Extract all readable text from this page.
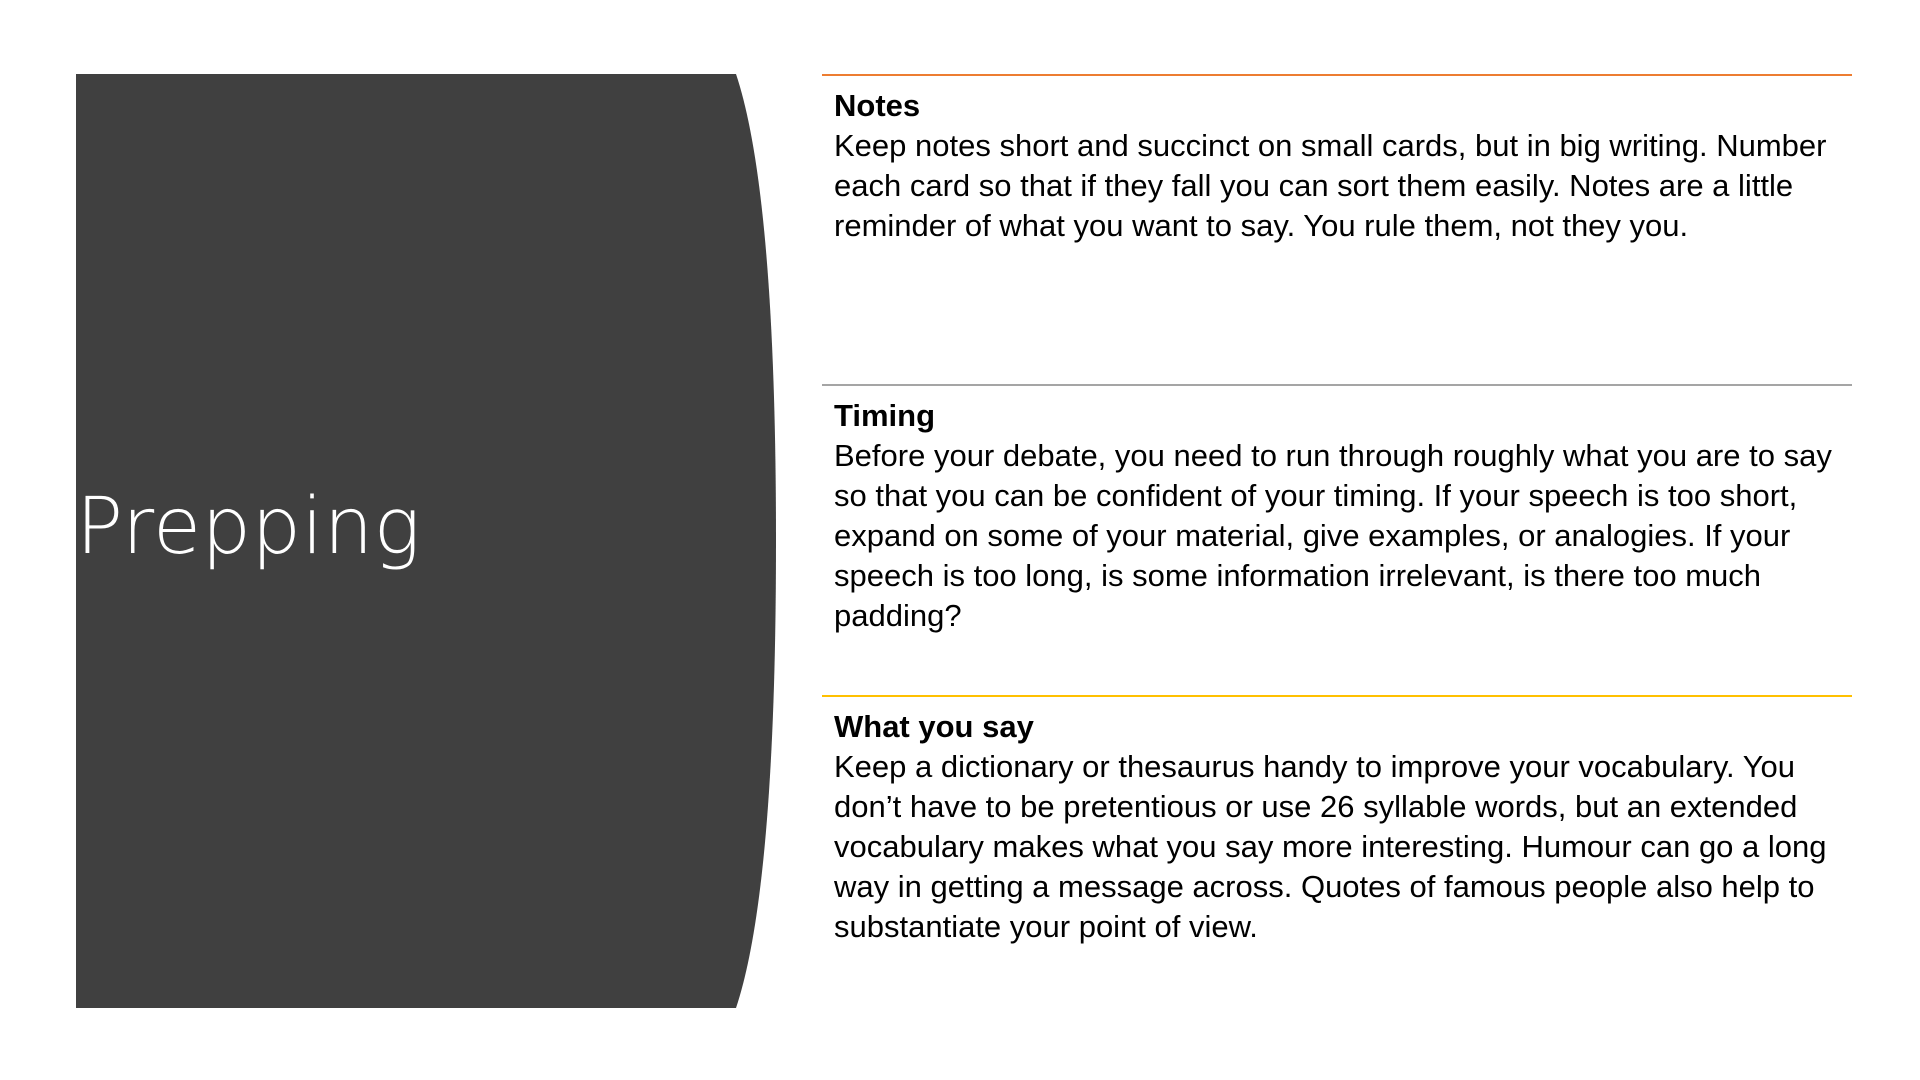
Prepping
Notes
Keep notes short and succinct on small cards, but in big writing. Number each card so that if they fall you can sort them easily. Notes are a little reminder of what you want to say. You rule them, not they you.
Timing
Before your debate, you need to run through roughly what you are to say so that you can be confident of your timing. If your speech is too short, expand on some of your material, give examples, or analogies. If your speech is too long, is some information irrelevant, is there too much padding?
What you say
Keep a dictionary or thesaurus handy to improve your vocabulary. You don’t have to be pretentious or use 26 syllable words, but an extended vocabulary makes what you say more interesting. Humour can go a long way in getting a message across. Quotes of famous people also help to substantiate your point of view.
